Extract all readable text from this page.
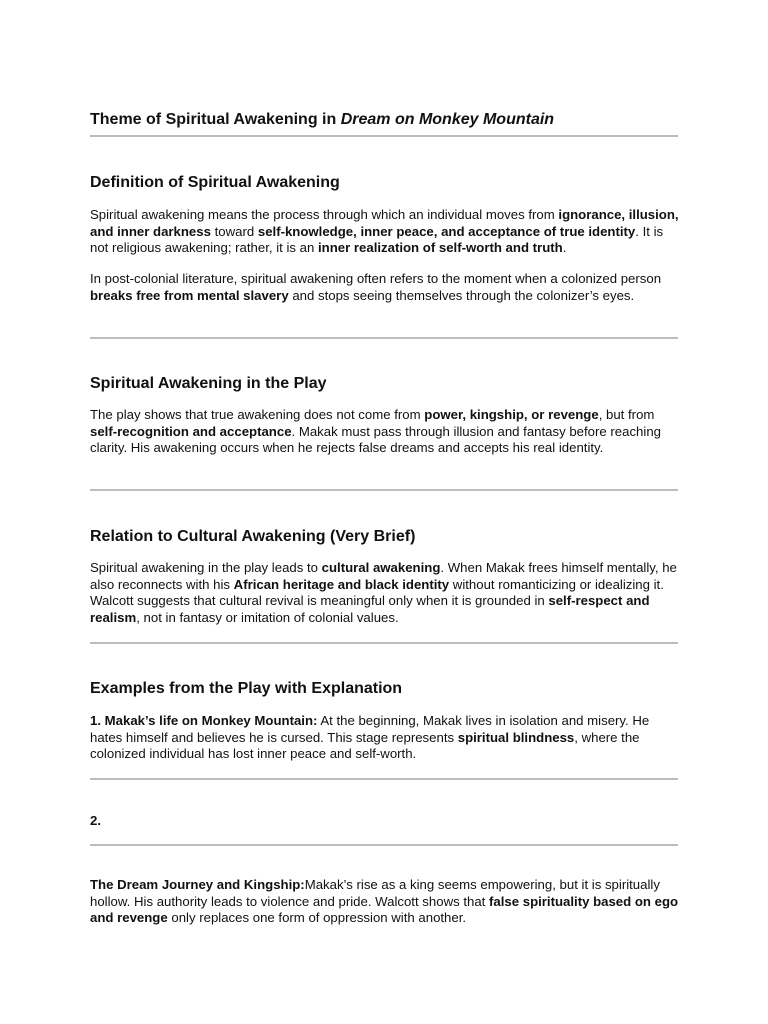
Theme of Spiritual Awakening in Dream on Monkey Mountain
Definition of Spiritual Awakening

Spiritual awakening means the process through which an individual moves from ignorance, illusion, and inner darkness toward self-knowledge, inner peace, and acceptance of true identity. It is not religious awakening; rather, it is an inner realization of self-worth and truth.

In post-colonial literature, spiritual awakening often refers to the moment when a colonized person breaks free from mental slavery and stops seeing themselves through the colonizer’s eyes.

Spiritual Awakening in the Play

The play shows that true awakening does not come from power, kingship, or revenge, but from self-recognition and acceptance. Makak must pass through illusion and fantasy before reaching clarity. His awakening occurs when he rejects false dreams and accepts his real identity.

Relation to Cultural Awakening (Very Brief)

Spiritual awakening in the play leads to cultural awakening. When Makak frees himself mentally, he also reconnects with his African heritage and black identity without romanticizing or idealizing it. Walcott suggests that cultural revival is meaningful only when it is grounded in self-respect and realism, not in fantasy or imitation of colonial values.

Examples from the Play with Explanation

1. Makak’s life on Monkey Mountain: At the beginning, Makak lives in isolation and misery. He hates himself and believes he is cursed. This stage represents spiritual blindness, where the colonized individual has lost inner peace and self-worth.

2.

The Dream Journey and Kingship:Makak’s rise as a king seems empowering, but it is spiritually hollow. His authority leads to violence and pride. Walcott shows that false spirituality based on ego and revenge only replaces one form of oppression with another.
